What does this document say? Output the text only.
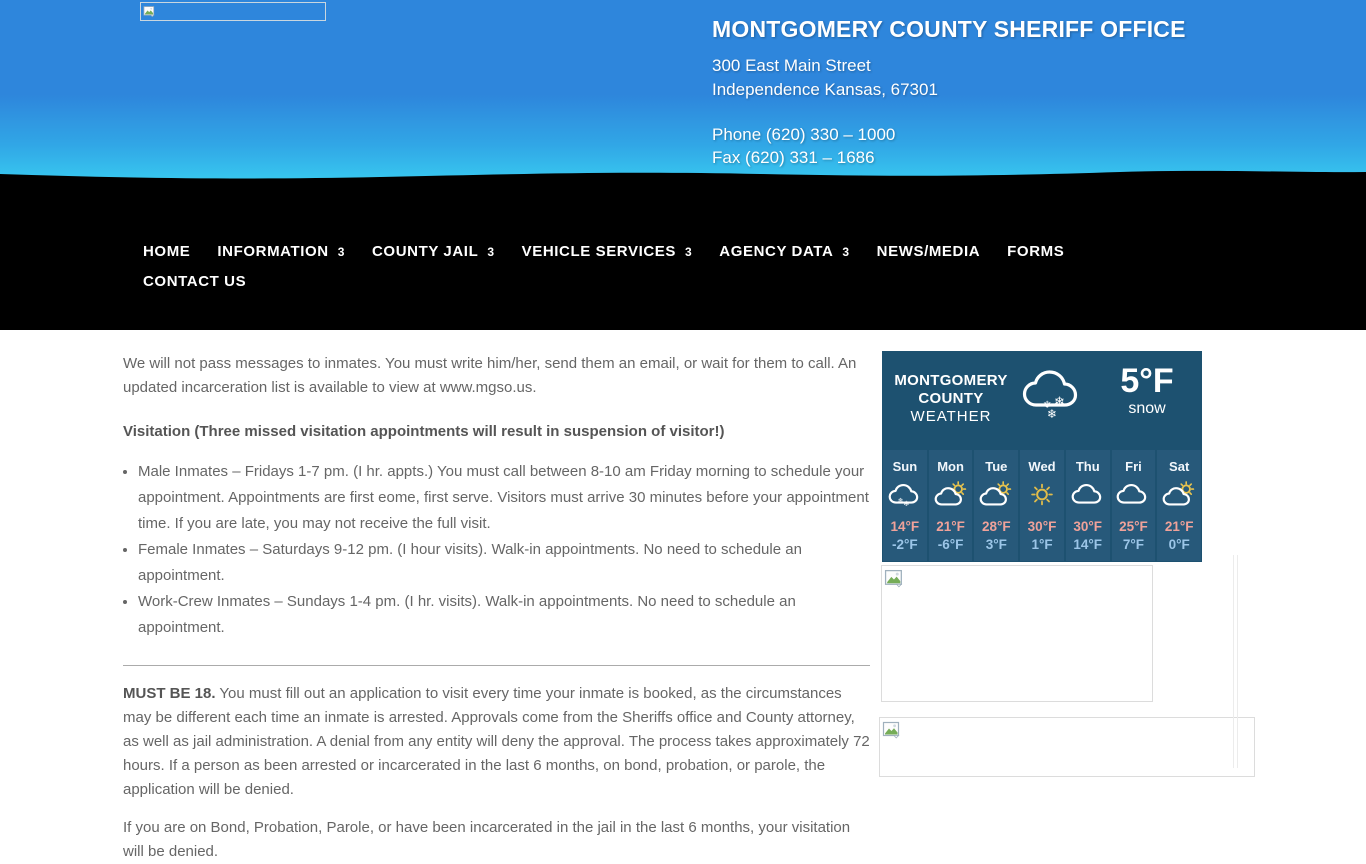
MONTGOMERY COUNTY SHERIFF OFFICE
300 East Main Street
Independence Kansas, 67301
Phone (620) 330 – 1000
Fax (620) 331 – 1686
HOME INFORMATION 3 COUNTY JAIL 3 VEHICLE SERVICES 3 AGENCY DATA 3 NEWS/MEDIA FORMS
CONTACT US

We will not pass messages to inmates. You must write him/her, send them an email, or wait for them to call. An updated incarceration list is available to view at www.mgso.us.

Visitation (Three missed visitation appointments will result in suspension of visitor!)
• Male Inmates – Fridays 1-7 pm. (I hr. appts.) You must call between 8-10 am Friday morning to schedule your appointment. Appointments are first eome, first serve. Visitors must arrive 30 minutes before your appointment time. If you are late, you may not receive the full visit.
• Female Inmates – Saturdays 9-12 pm. (I hour visits). Walk-in appointments. No need to schedule an appointment.
• Work-Crew Inmates – Sundays 1-4 pm. (I hr. visits). Walk-in appointments. No need to schedule an appointment.

MUST BE 18. You must fill out an application to visit every time your inmate is booked, as the circumstances may be different each time an inmate is arrested. Approvals come from the Sheriffs office and County attorney, as well as jail administration. A denial from any entity will deny the approval. The process takes approximately 72 hours. If a person as been arrested or incarcerated in the last 6 months, on bond, probation, or parole, the application will be denied.

If you are on Bond, Probation, Parole, or have been incarcerated in the jail in the last 6 months, your visitation will be denied.

MONTGOMERY
COUNTY
WEATHER
5°F
snow
Sun
14°F
-2°F
Mon
21°F
-6°F
Tue
28°F
3°F
Wed
30°F
1°F
Thu
30°F
14°F
Fri
25°F
7°F
Sat
21°F
0°F
